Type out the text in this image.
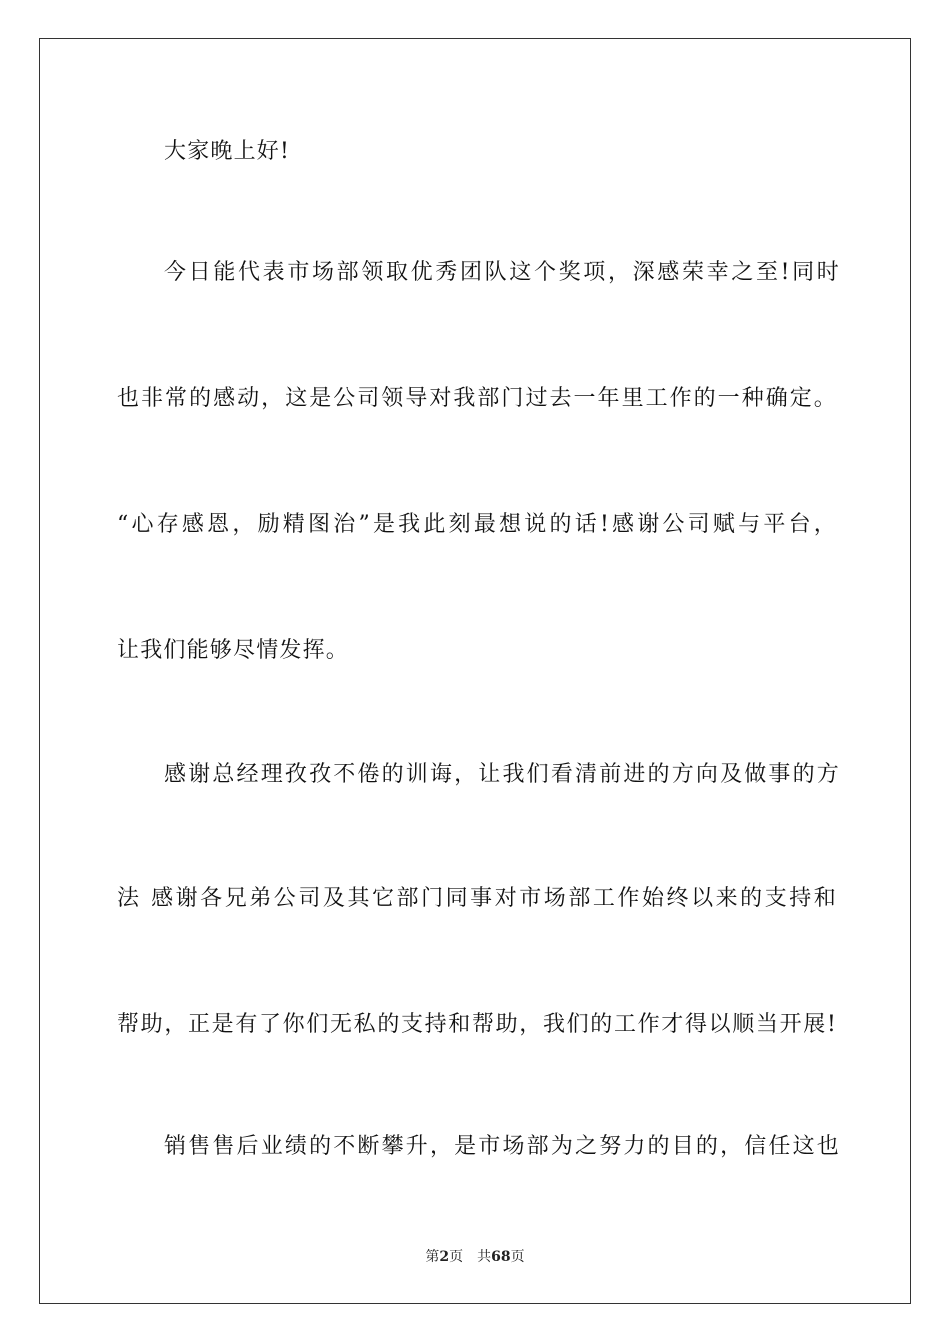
大家晚上好!
今日能代表市场部领取优秀团队这个奖项，深感荣幸之至!同时
也非常的感动，这是公司领导对我部门过去一年里工作的一种确定。
“心存感恩，励精图治”是我此刻最想说的话!感谢公司赋与平台，
让我们能够尽情发挥。
感谢总经理孜孜不倦的训诲，让我们看清前进的方向及做事的方
法 感谢各兄弟公司及其它部门同事对市场部工作始终以来的支持和
帮助，正是有了你们无私的支持和帮助，我们的工作才得以顺当开展!
销售售后业绩的不断攀升，是市场部为之努力的目的，信任这也
第2页 共68页
